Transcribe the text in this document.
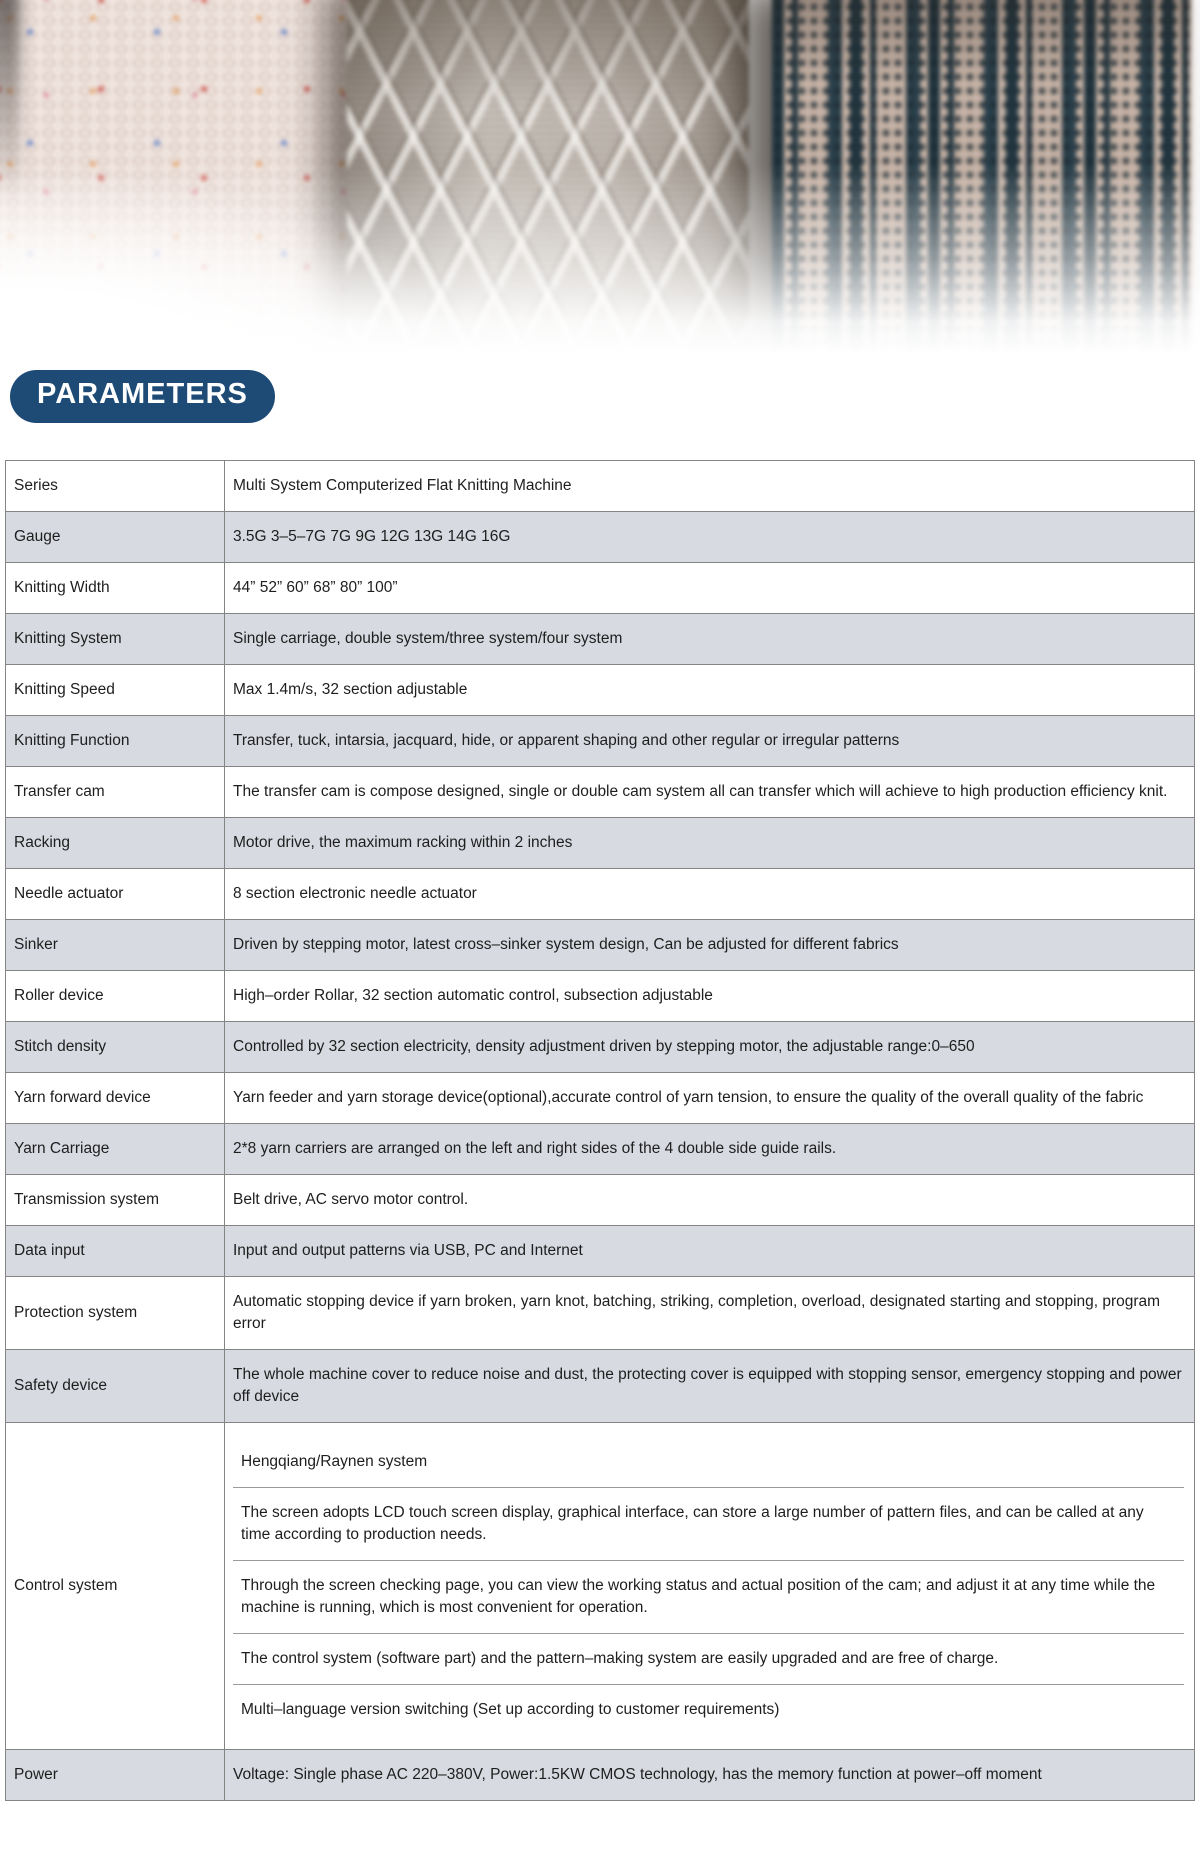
PARAMETERS
Series	Multi System Computerized Flat Knitting Machine
Gauge	3.5G 3–5–7G 7G 9G 12G 13G 14G 16G
Knitting Width	44” 52” 60” 68” 80” 100”
Knitting System	Single carriage, double system/three system/four system
Knitting Speed	Max 1.4m/s, 32 section adjustable
Knitting Function	Transfer, tuck, intarsia, jacquard, hide, or apparent shaping and other regular or irregular patterns
Transfer cam	The transfer cam is compose designed, single or double cam system all can transfer which will achieve to high production efficiency knit.
Racking	Motor drive, the maximum racking within 2 inches
Needle actuator	8 section electronic needle actuator
Sinker	Driven by stepping motor, latest cross–sinker system design, Can be adjusted for different fabrics
Roller device	High–order Rollar, 32 section automatic control, subsection adjustable
Stitch density	Controlled by 32 section electricity, density adjustment driven by stepping motor, the adjustable range:0–650
Yarn forward device	Yarn feeder and yarn storage device(optional),accurate control of yarn tension, to ensure the quality of the overall quality of the fabric
Yarn Carriage	2*8 yarn carriers are arranged on the left and right sides of the 4 double side guide rails.
Transmission system	Belt drive, AC servo motor control.
Data input	Input and output patterns via USB, PC and Internet
Protection system	Automatic stopping device if yarn broken, yarn knot, batching, striking, completion, overload, designated starting and stopping, program error
Safety device	The whole machine cover to reduce noise and dust, the protecting cover is equipped with stopping sensor, emergency stopping and power off device
Control system	Hengqiang/Raynen system
The screen adopts LCD touch screen display, graphical interface, can store a large number of pattern files, and can be called at any time according to production needs.
Through the screen checking page, you can view the working status and actual position of the cam; and adjust it at any time while the machine is running, which is most convenient for operation.
The control system (software part) and the pattern–making system are easily upgraded and are free of charge.
Multi–language version switching (Set up according to customer requirements)

Power	Voltage: Single phase AC 220–380V, Power:1.5KW CMOS technology, has the memory function at power–off moment
